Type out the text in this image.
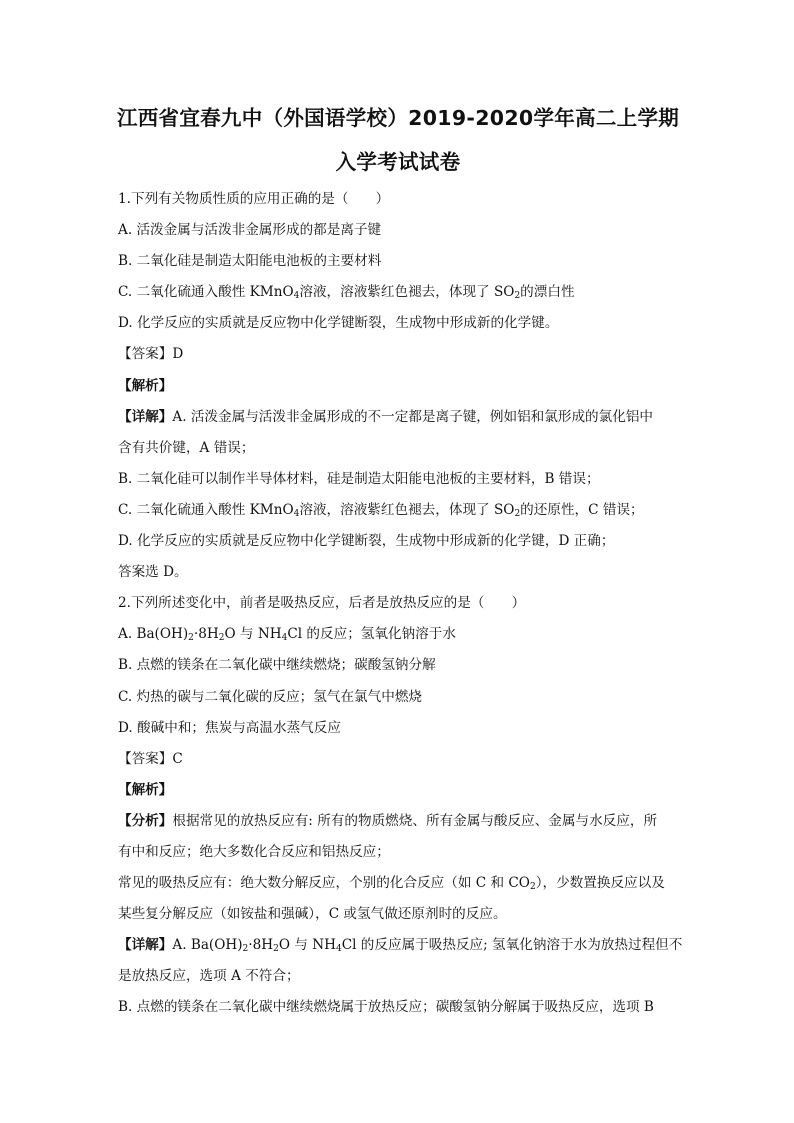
江西省宜春九中（外国语学校）2019-2020学年高二上学期
入学考试试卷
1.下列有关物质性质的应用正确的是（　　）
A. 活泼金属与活泼非金属形成的都是离子键
B. 二氧化硅是制造太阳能电池板的主要材料
C. 二氧化硫通入酸性 KMnO$_4$溶液，溶液紫红色褪去，体现了 $SO_2$的漂白性
D. 化学反应的实质就是反应物中化学键断裂，生成物中形成新的化学键。
【答案】D
【解析】
【详解】A. 活泼金属与活泼非金属形成的不一定都是离子键，例如铝和氯形成的氯化铝中
含有共价键，A 错误；
B. 二氧化硅可以制作半导体材料，硅是制造太阳能电池板的主要材料，B 错误；
C. 二氧化硫通入酸性 KMnO$_4$溶液，溶液紫红色褪去，体现了 $SO_2$的还原性，C 错误；
D. 化学反应的实质就是反应物中化学键断裂，生成物中形成新的化学键，D 正确；
答案选 D。
2.下列所述变化中，前者是吸热反应，后者是放热反应的是（　　）
A. $Ba(OH)_2\cdot 8H_2O$ 与 $NH_4Cl$ 的反应；氢氧化钠溶于水
B. 点燃的镁条在二氧化碳中继续燃烧；碳酸氢钠分解
C. 灼热的碳与二氧化碳的反应；氢气在氯气中燃烧
D. 酸碱中和；焦炭与高温水蒸气反应
【答案】C
【解析】
【分析】根据常见的放热反应有: 所有的物质燃烧、所有金属与酸反应、金属与水反应，所
有中和反应；绝大多数化合反应和铝热反应；
常见的吸热反应有：绝大数分解反应，个别的化合反应（如 C 和 $CO_2$），少数置换反应以及
某些复分解反应（如铵盐和强碱），C 或氢气做还原剂时的反应。
【详解】A. $Ba(OH)_2\cdot 8H_2O$ 与 $NH_4Cl$ 的反应属于吸热反应; 氢氧化钠溶于水为放热过程但不
是放热反应，选项 A 不符合；
B. 点燃的镁条在二氧化碳中继续燃烧属于放热反应；碳酸氢钠分解属于吸热反应，选项 B
